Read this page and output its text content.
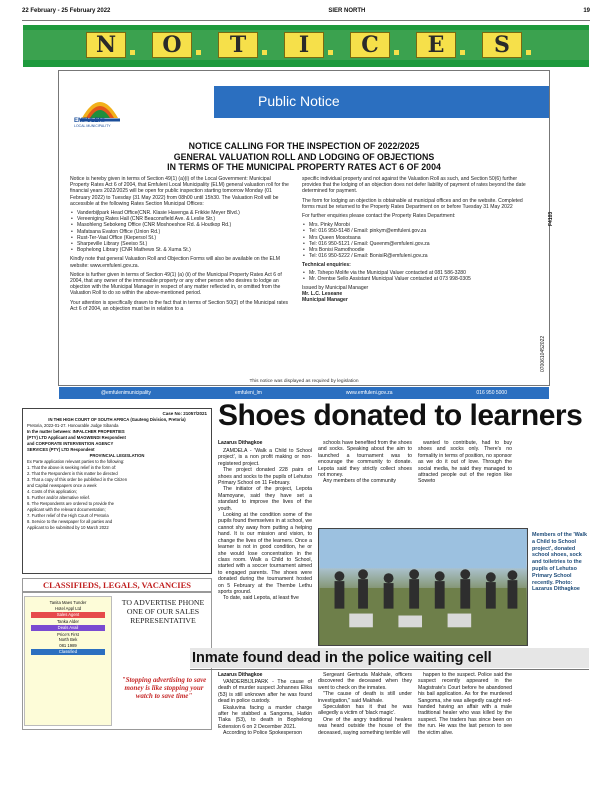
22 February - 25 February 2022	SIER NORTH	19
N	O	T	I	C	E	S
Public Notice
EMFULENI
LOCAL MUNICIPALITY
NOTICE CALLING FOR THE INSPECTION OF 2022/2025
GENERAL VALUATION ROLL AND LODGING OF OBJECTIONS
IN TERMS OF THE MUNICIPAL PROPERTY RATES ACT 6 OF 2004

Notice is hereby given in terms of Section 49(1) (a)(i) of the Local Government: Municipal Property Rates Act 6 of 2004, that Emfuleni Local Municipality (ELM) general valuation roll for the financial years 2022/2025 will be open for public inspection starting tomorrow Monday (01 February 2022) to Tuesday (31 May 2022) from 08h00 until 15h30. The Valuation Roll will be accessible at the following Rates Section Municipal Offices:

• Vanderbijlpark Head Office(CNR. Klasie Havenga & Frikkie Meyer Blvd.)
• Vereeniging Rates Hall (CNR Beaconsfield Ave. & Leslie Str.)
• Masohleng Sebokeng Office (CNR Moshoeshoe Rd. & Houtkop Rd.)
• Mafatsana Evaton Office (Union Rd.)
• Rust-Ter-Vaal Office (Kiepersol St.)
• Sharpeville Library (Seeiso St.)
• Bophelong Library (CNR Mathews St. & Xuma St.)

Kindly note that general Valuation Roll and Objection Forms will also be available on the ELM website: www.emfuleni.gov.za.

Notice is further given in terms of Section 49(1) (a) (ii) of the Municipal Property Rates Act 6 of 2004, that any owner of the immovable property or any other person who desires to lodge an objection with the Municipal Manager in respect of any matter reflected in, or omitted from the Valuation Roll to do so within the above-mentioned period.

Your attention is specifically drawn to the fact that in terms of Section 50(2) of the Municipal rates Act 6 of 2004, an objection must be in relation to a

specific individual property and not against the Valuation Roll as such, and Section 50(6) further provides that the lodging of an objection does not defer liability of payment of rates beyond the date determined for payment.

The form for lodging an objection is obtainable at municipal offices and on the website. Completed forms must be returned to the Property Rates Department on or before Tuesday 31 May 2022

For further enquiries please contact the Property Rates Department:

• Mrs. Pinky Morobi
• Tel: 016 950-5148 / Email: pinkym@emfuleni.gov.za
• Mrs Queen Mosotsana
• Tel: 016 950-5121 / Email: Queenm@emfuleni.gov.za
• Mrs Bonisi Ramothoodie
• Tel: 016 950-5222 / Email: BonisiR@emfuleni.gov.za

Technical enquiries:

• Mr. Tshepo Molife via the Municipal Valuer contacted at 081 586-3280
• Mr. Orentse Sello Assistant Municipal Valuer contacted at 073 998-0305
Issued by Municipal Manager
Mr. L.C. Leseane
Municipal Manager
F4103
0700610452022
This notice was displayed as required by legislation
@emfulenimunicipality	emfuleni_lm	www.emfuleni.gov.za	016 950 5000

Case No: 21057/2021

IN THE HIGH COURT OF SOUTH AFRICA (Gauteng Division, Pretoria)

Pretoria, 2022-01-27. Honourable Judge Sibanda

In the matter between: INFALCHER PROPERTIES

(PTY) LTD Applicant and MAGWENDI Respondent

and CORPORATE INTERVENTION AGENCY

SERVICES (PTY) LTD Respondent

PROVINCIAL LEGISLATION

Ex Parte application relevant parties to the following:

1. That the above is seeking relief in the form of:

2. That the Respondent in this matter be directed

3. That a copy of this order be published in the Citizen

and Capital newspapers once a week

4. Costs of this application;

5. Further and/or alternative relief.

6. The Respondents are ordered to provide the

Applicant with the relevant documentation;

7. Further relief of the High Court of Pretoria

8. Service to the newspaper for all parties and

Applicant to be submitted by 10 March 2022

Shoes donated to learners
Lazarus Dithagkoe

ZAMDELA - 'Walk a Child to School project', is a non profit making or non-registered project.

The project donated 228 pairs of shoes and socks to the pupils of Lehutso Primary School on 11 February.

The initiator of the project, Lepota Mamoyane, said they have set a standard to improve the lives of the youth.

Looking at the condition some of the pupils found themselves in at school, we cannot shy away from putting a helping hand. It is our mission and vision, to change the lives of the learners. Once a learner is not in good condition, he or she would lose concentration in the class room. Walk a Child to School, started with a soccer tournament aimed to engaged parents. The shoes were donated during the tournament hosted on 5 February at the Thembe Lethu sports ground.

To date, said Lepota, at least five

schools have benefited from the shoes and socks. Speaking about the aim to launched a tournament was to encourage the community to donate. Lepota said they strictly collect shoes not money.

Any members of the community

wanted to contribute, had to buy shoes and socks only. There's no formality in terms of position, no sponsor as we do it out of love. Through the social media, he said they managed to attracted people out of the region like Soweto

Members of the 'Walk a Child to School project', donated school shoes, sock and toiletries to the pupils of Lehutso Primary School recently. Photo: Lazarus Dithagkoe
CLASSIFIEDS, LEGALS, VACANCIES
Tanita Maes Tunder
Hotel Appl Ltd
Sales Agent
Tanka Alder
Deals Avail
Price's First
North Bek
081 1989
Classified
TO ADVERTISE PHONE ONE OF OUR SALES REPRESENTATIVE
"Stopping advertising to save money is like stopping your watch to save time"
Inmate found dead in the police waiting cell
Lazarus Dithagkoe

VANDERBIJLPARK - The cause of death of murder suspect Johannes Elika (53) is still unknown after he was found dead in police custody.

Ekaluvina facing a murder charge after he stabbed a Sangoma, Hatkin Tlaka (53), to death in Bophelong Extension 6 on 2 December 2021.

According to Police Spokesperson

Sergeant Gertruda Makhale, officers discovered the deceased when they went to check on the inmates.

"The cause of death is still under investigation," said Makhale.

Speculation has it that he was allegedly a victim of 'black magic'.

One of the angry traditional healers was heard outside the house of the deceased, saying something terrible will

happen to the suspect. Police said the suspect recently appeared in the Magistrate's Court before he abandoned his bail application. As for the murdered Sangoma, she was allegedly caught red-handed having an affair with a male traditional healer who was killed by the suspect. The traders has since been on the run. He was the last person to see the victim alive.
